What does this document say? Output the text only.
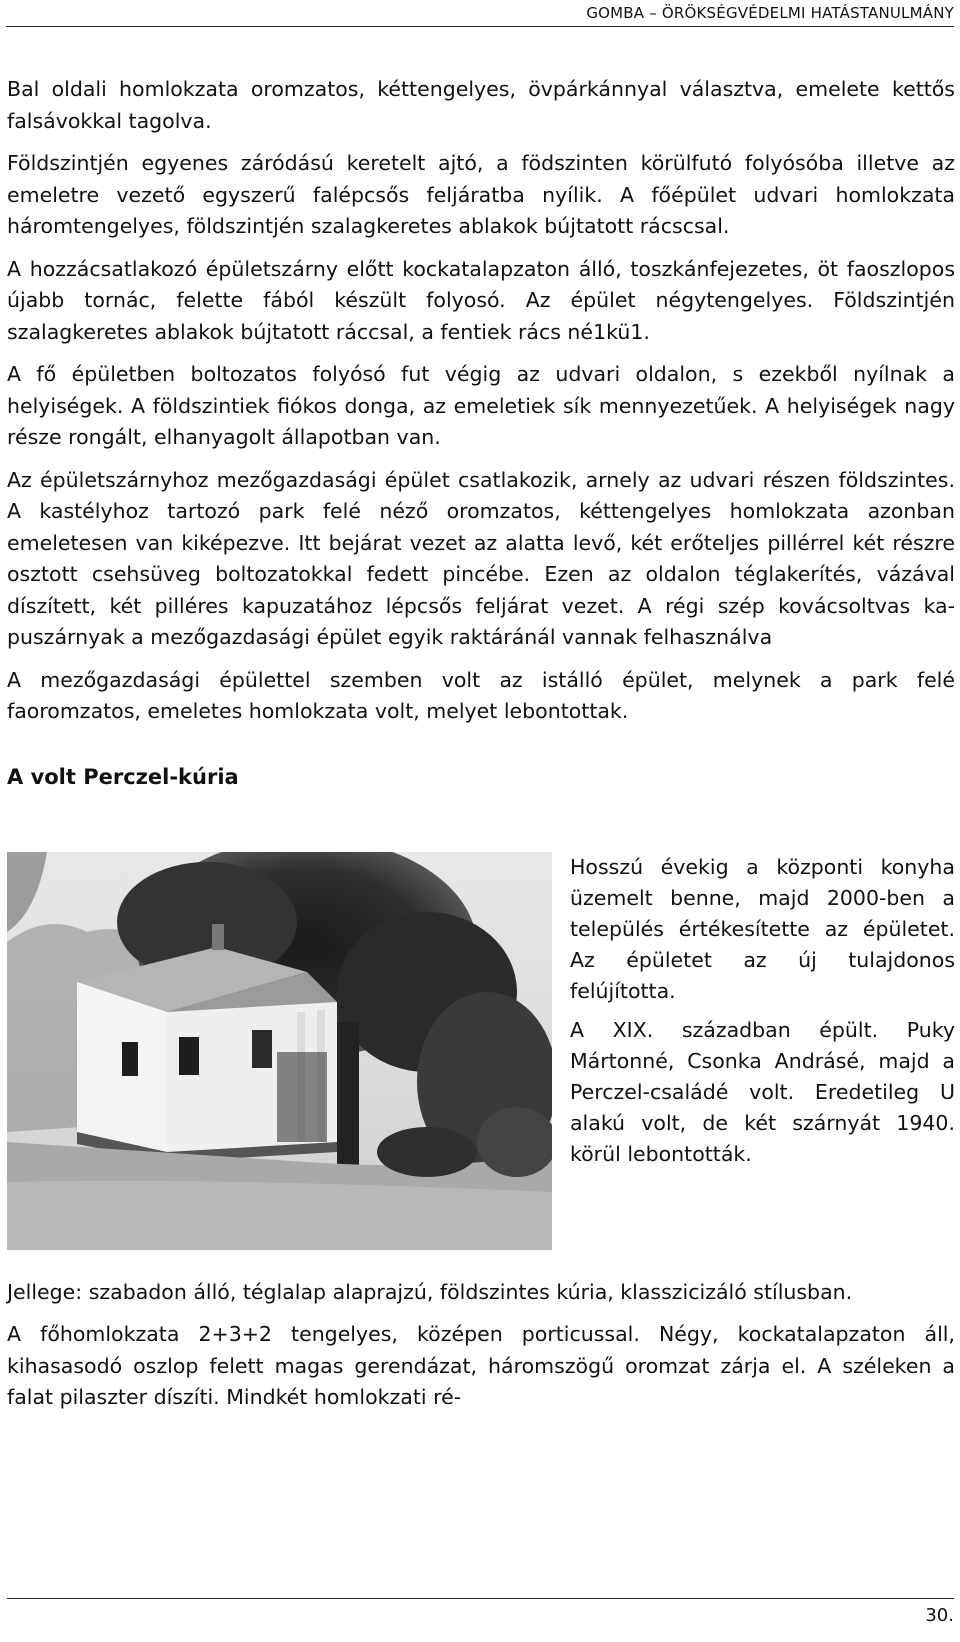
GOMBA – ÖRÖKSÉGVÉDELMI HATÁSTANULMÁNY

Bal oldali homlokzata oromzatos, kéttengelyes, övpárkánnyal választva, emelete kettős falsávokkal tagolva.

Földszintjén egyenes záródású keretelt ajtó, a födszinten körülfutó folyósóba illetve az emeletre vezető egyszerű falépcsős feljáratba nyílik. A főépület udvari homlokzata háromtengelyes, földszintjén szalagkeretes ablakok bújtatott rácscsal.

A hozzácsatlakozó épületszárny előtt kockatalapzaton álló, toszkánfejezetes, öt faoszlopos újabb tornác, felette fából készült folyosó. Az épület négytengelyes. Földszintjén szalagkeretes ablakok bújtatott ráccsal, a fentiek rács né1kü1.

A fő épületben boltozatos folyósó fut végig az udvari oldalon, s ezekből nyílnak a helyiségek. A földszintiek fiókos donga, az emeletiek sík mennyezetűek. A helyiségek nagy része rongált, elhanyagolt állapotban van.

Az épületszárnyhoz mezőgazdasági épület csatlakozik, arnely az udvari részen földszintes. A kastélyhoz tartozó park felé néző oromzatos, kéttengelyes homlokzata azonban emeletesen van kiképezve. Itt bejárat vezet az alatta levő, két erőteljes pillérrel két részre osztott csehsüveg boltozatokkal fedett pincébe. Ezen az oldalon téglakerítés, vázával díszített, két pilléres kapuzatához lépcsős feljárat vezet. A régi szép kovácsoltvas kapuszárnyak a mezőgazdasági épület egyik raktáránál vannak felhasználva

A mezőgazdasági épülettel szemben volt az istálló épület, melynek a park felé faoromzatos, emeletes homlokzata volt, melyet lebontottak.

A volt Perczel-kúria

Hosszú évekig a központi konyha üzemelt benne, majd 2000-ben a település értékesítette az épületet. Az épületet az új tulajdonos felújította.

A XIX. században épült. Puky Mártonné, Csonka Andrásé, majd a Perczel-családé volt. Eredetileg U alakú volt, de két szárnyát 1940. körül lebontották.

Jellege: szabadon álló, téglalap alaprajzú, földszintes kúria, klasszicizáló stílusban.

A főhomlokzata 2+3+2 tengelyes, középen porticussal. Négy, kockatalapzaton áll, kihasasodó oszlop felett magas gerendázat, háromszögű oromzat zárja el. A széleken a falat pilaszter díszíti. Mindkét homlokzati ré-

30.
